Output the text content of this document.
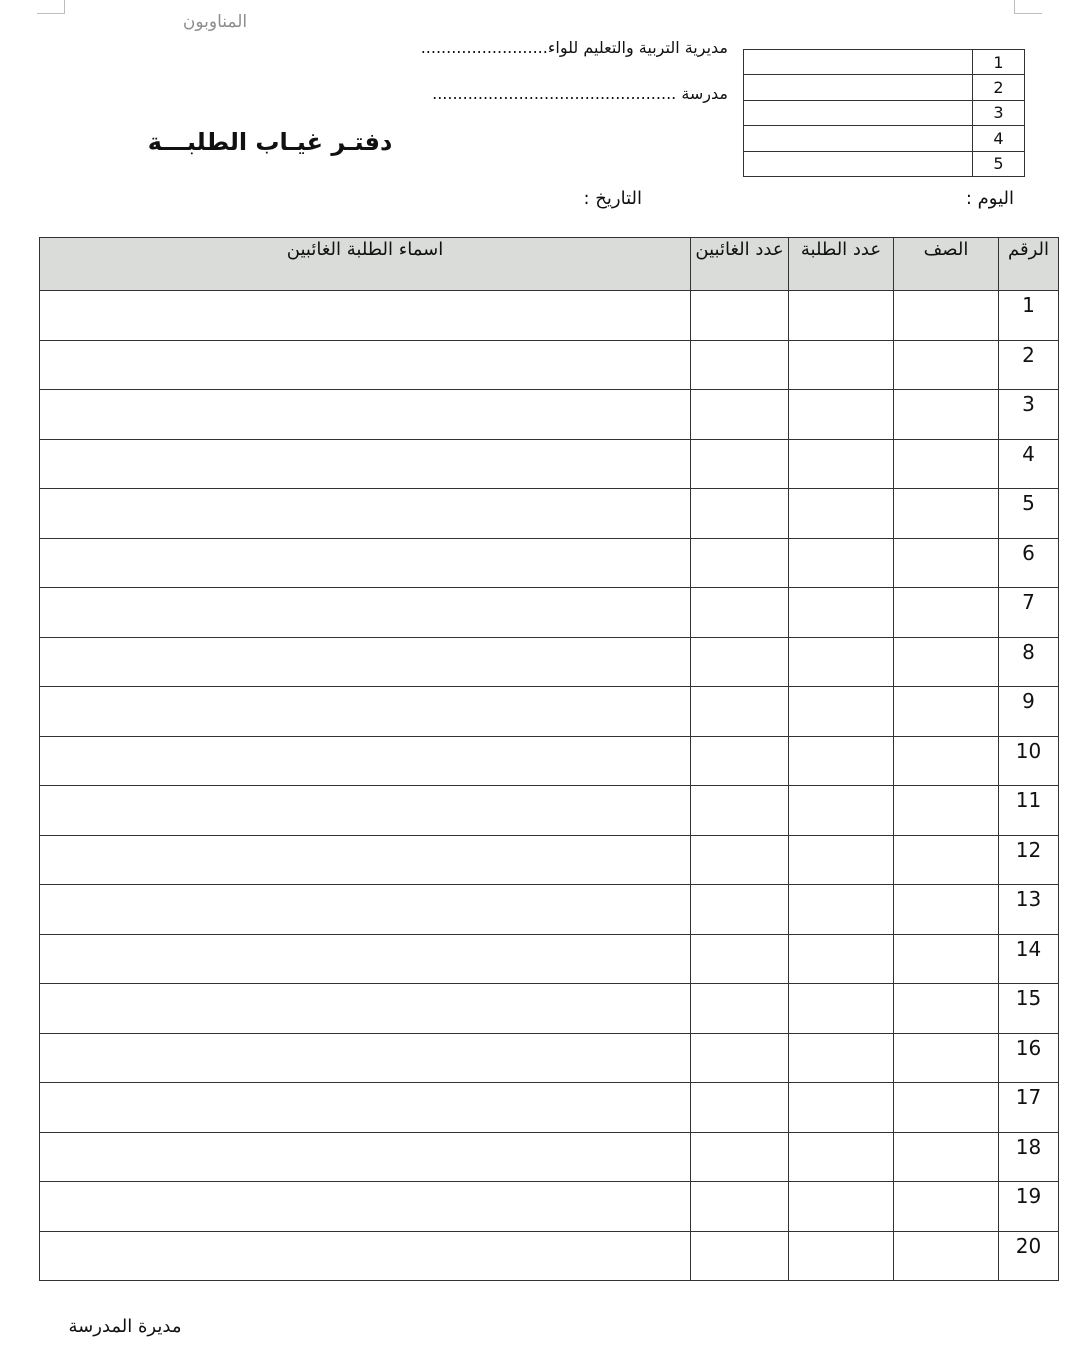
المناوبون
مديرية التربية والتعليم للواء.........................
مدرسة ................................................
دفتـر غيـاب الطلبـــة
	1
	2
	3
	4
	5
اليوم :
التاريخ :
الرقم	الصف	عدد الطلبة	عدد الغائبين	اسماء الطلبة الغائبين
1				
2				
3				
4				
5				
6				
7				
8				
9				
10				
11				
12				
13				
14				
15				
16				
17				
18				
19				
20				
مديرة المدرسة
